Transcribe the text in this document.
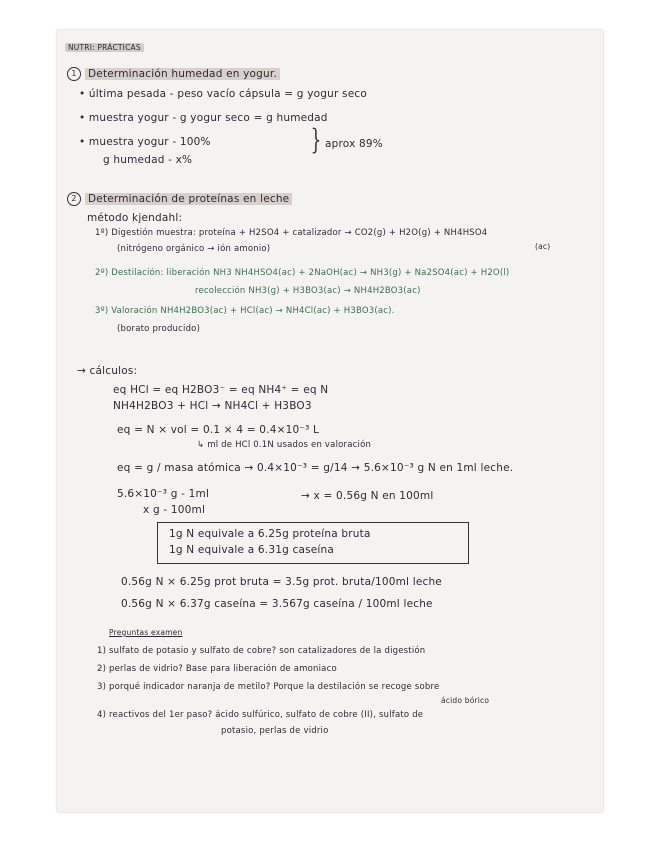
NUTRI: PRÁCTICAS
1 Determinación humedad en yogur.
• última pesada - peso vacío cápsula = g yogur seco
• muestra yogur - g yogur seco = g humedad
• muestra yogur - 100%
g humedad - x%
} aprox 89%
2 Determinación de proteínas en leche
método kjendahl:
1º) Digestión muestra: proteína + H2SO4 + catalizador → CO2(g) + H2O(g) + NH4HSO4
(ac)
(nitrógeno orgánico → ión amonio)
2º) Destilación: liberación NH3 NH4HSO4(ac) + 2NaOH(ac) → NH3(g) + Na2SO4(ac) + H2O(l)
recolección NH3(g) + H3BO3(ac) → NH4H2BO3(ac)
3º) Valoración NH4H2BO3(ac) + HCl(ac) → NH4Cl(ac) + H3BO3(ac).
(borato producido)
→ cálculos:
eq HCl = eq H2BO3⁻ = eq NH4⁺ = eq N
NH4H2BO3 + HCl → NH4Cl + H3BO3
eq = N × vol = 0.1 × 4 = 0.4×10⁻³ L
↳ ml de HCl 0.1N usados en valoración
eq = g / masa atómica → 0.4×10⁻³ = g/14 → 5.6×10⁻³ g N en 1ml leche.
5.6×10⁻³ g - 1ml	→ x = 0.56g N en 100ml
x g - 100ml
1g N equivale a 6.25g proteína bruta
1g N equivale a 6.31g caseína
0.56g N × 6.25g prot bruta = 3.5g prot. bruta/100ml leche
0.56g N × 6.37g caseína = 3.567g caseína / 100ml leche
Preguntas examen
1) sulfato de potasio y sulfato de cobre? son catalizadores de la digestión
2) perlas de vidrio? Base para liberación de amoniaco
3) porqué indicador naranja de metilo? Porque la destilación se recoge sobre
ácido bórico
4) reactivos del 1er paso? ácido sulfúrico, sulfato de cobre (II), sulfato de
potasio, perlas de vidrio
